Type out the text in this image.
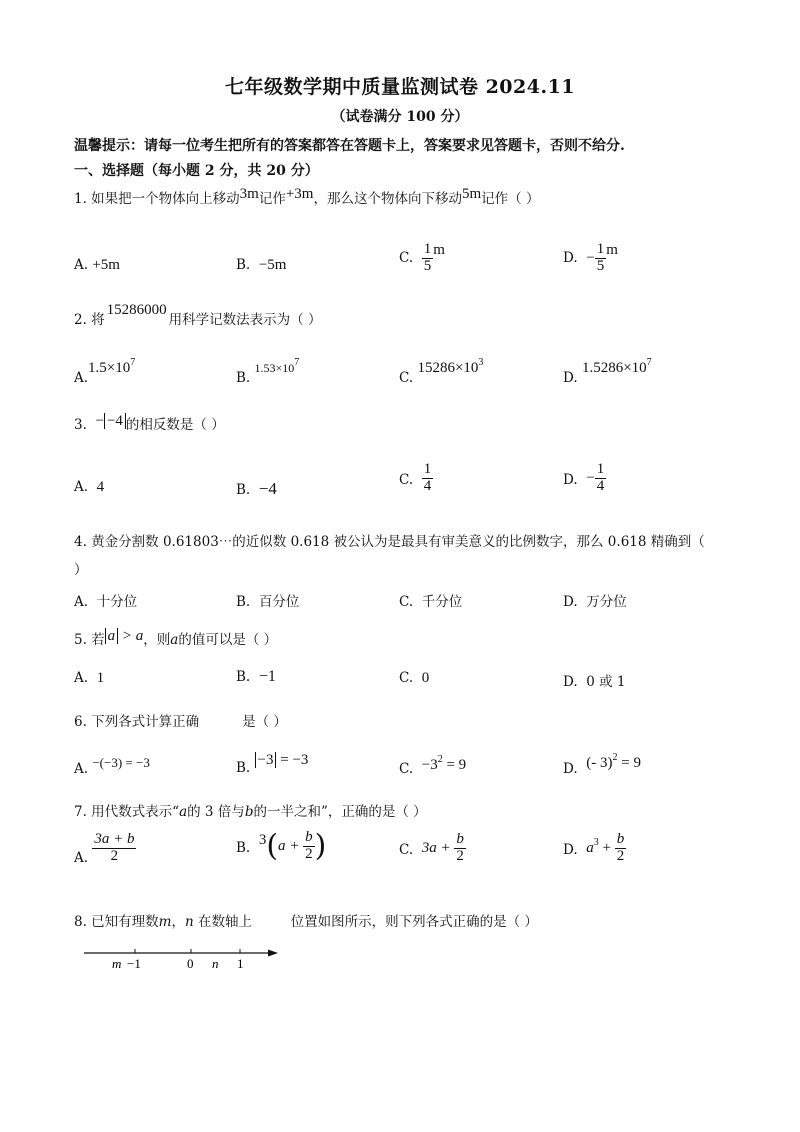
七年级数学期中质量监测试卷 2024.11
（试卷满分 100 分）
温馨提示：请每一位考生把所有的答案都答在答题卡上，答案要求见答题卡，否则不给分.
一、选择题（每小题 2 分，共 20 分）
1. 如果把一个物体向上移动3m记作+3m，那么这个物体向下移动5m记作（ ）
A. +5m	B. −5m	C. $\frac{1}{5}$ m	D. − $\frac{1}{5}$ m
2. 将15286000用科学记数法表示为（ ）
$A.1.5\times 10^7$
B. $1.53\times 10^7$
C. $15286\times 10^3$
D. $1.5286\times 10^7$
3. − −4 的相反数是（ ）
A. 4	B. −4	C. $\frac{1}{4}$	D. − $\frac{1}{4}$
4. 黄金分割数 0.61803⋯的近似数 0.618 被公认为是最具有审美意义的比例数字，那么 0.618 精确到（
）
A. 十分位	B. 百分位	C. 千分位	D. 万分位
5. 若 a > a，则a的值可以是（ ）
A. 1	B. −1	C. 0	D. 0 或 1
6. 下列各式计算正确	是（ ）
A. −(−3) = −3	B. −3 = −3
C. $-3^2 = 9$	D. (- 3)$^2$ = 9
7. 用代数式表示“a的 3 倍与b的一半之和”，正确的是（ ）
A. $\frac{3a + b}{2}$	B. $3(a + \frac{b}{2}$ )	C. $3a + \frac{b}{2}$	D. $a^3 + \frac{b}{2}$
8. 已知有理数m，n 在数轴上	位置如图所示，则下列各式正确的是（ ）
m −1	0 n 1
